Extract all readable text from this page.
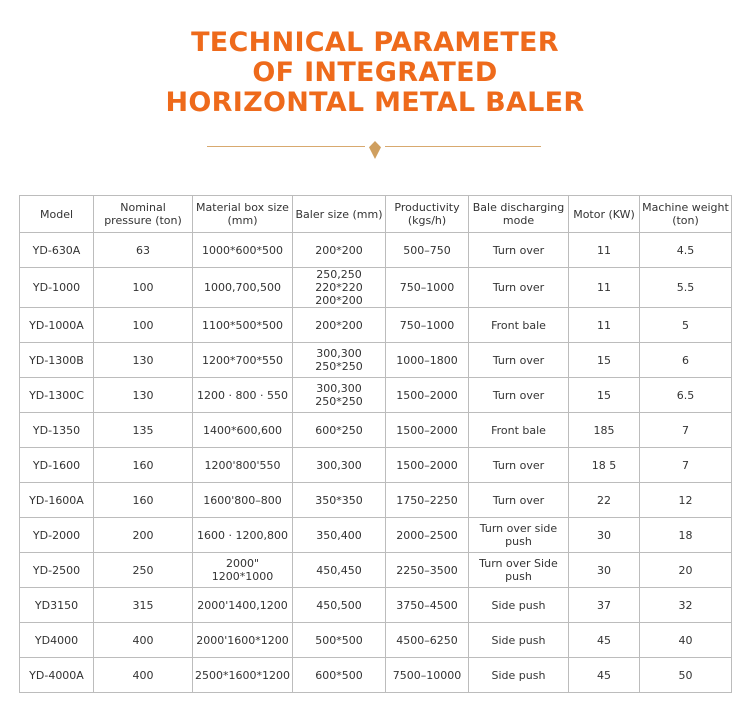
TECHNICAL PARAMETER
OF INTEGRATED
HORIZONTAL METAL BALER
Model	Nominal pressure (ton)	Material box size (mm)	Baler size (mm)	Productivity (kgs/h)	Bale discharging mode	Motor (KW)	Machine weight (ton)
YD-630A	63	1000*600*500	200*200	500–750	Turn over	11	4.5
YD-1000	100	1000,700,500	250,250 220*220 200*200	750–1000	Turn over	11	5.5
YD-1000A	100	1100*500*500	200*200	750–1000	Front bale	11	5
YD-1300B	130	1200*700*550	300,300 250*250	1000–1800	Turn over	15	6
YD-1300C	130	1200 · 800 · 550	300,300 250*250	1500–2000	Turn over	15	6.5
YD-1350	135	1400*600,600	600*250	1500–2000	Front bale	185	7
YD-1600	160	1200'800'550	300,300	1500–2000	Turn over	18 5	7
YD-1600A	160	1600'800–800	350*350	1750–2250	Turn over	22	12
YD-2000	200	1600 · 1200,800	350,400	2000–2500	Turn over side push	30	18
YD-2500	250	2000" 1200*1000	450,450	2250–3500	Turn over Side push	30	20
YD3150	315	2000'1400,1200	450,500	3750–4500	Side push	37	32
YD4000	400	2000'1600*1200	500*500	4500–6250	Side push	45	40
YD-4000A	400	2500*1600*1200	600*500	7500–10000	Side push	45	50
